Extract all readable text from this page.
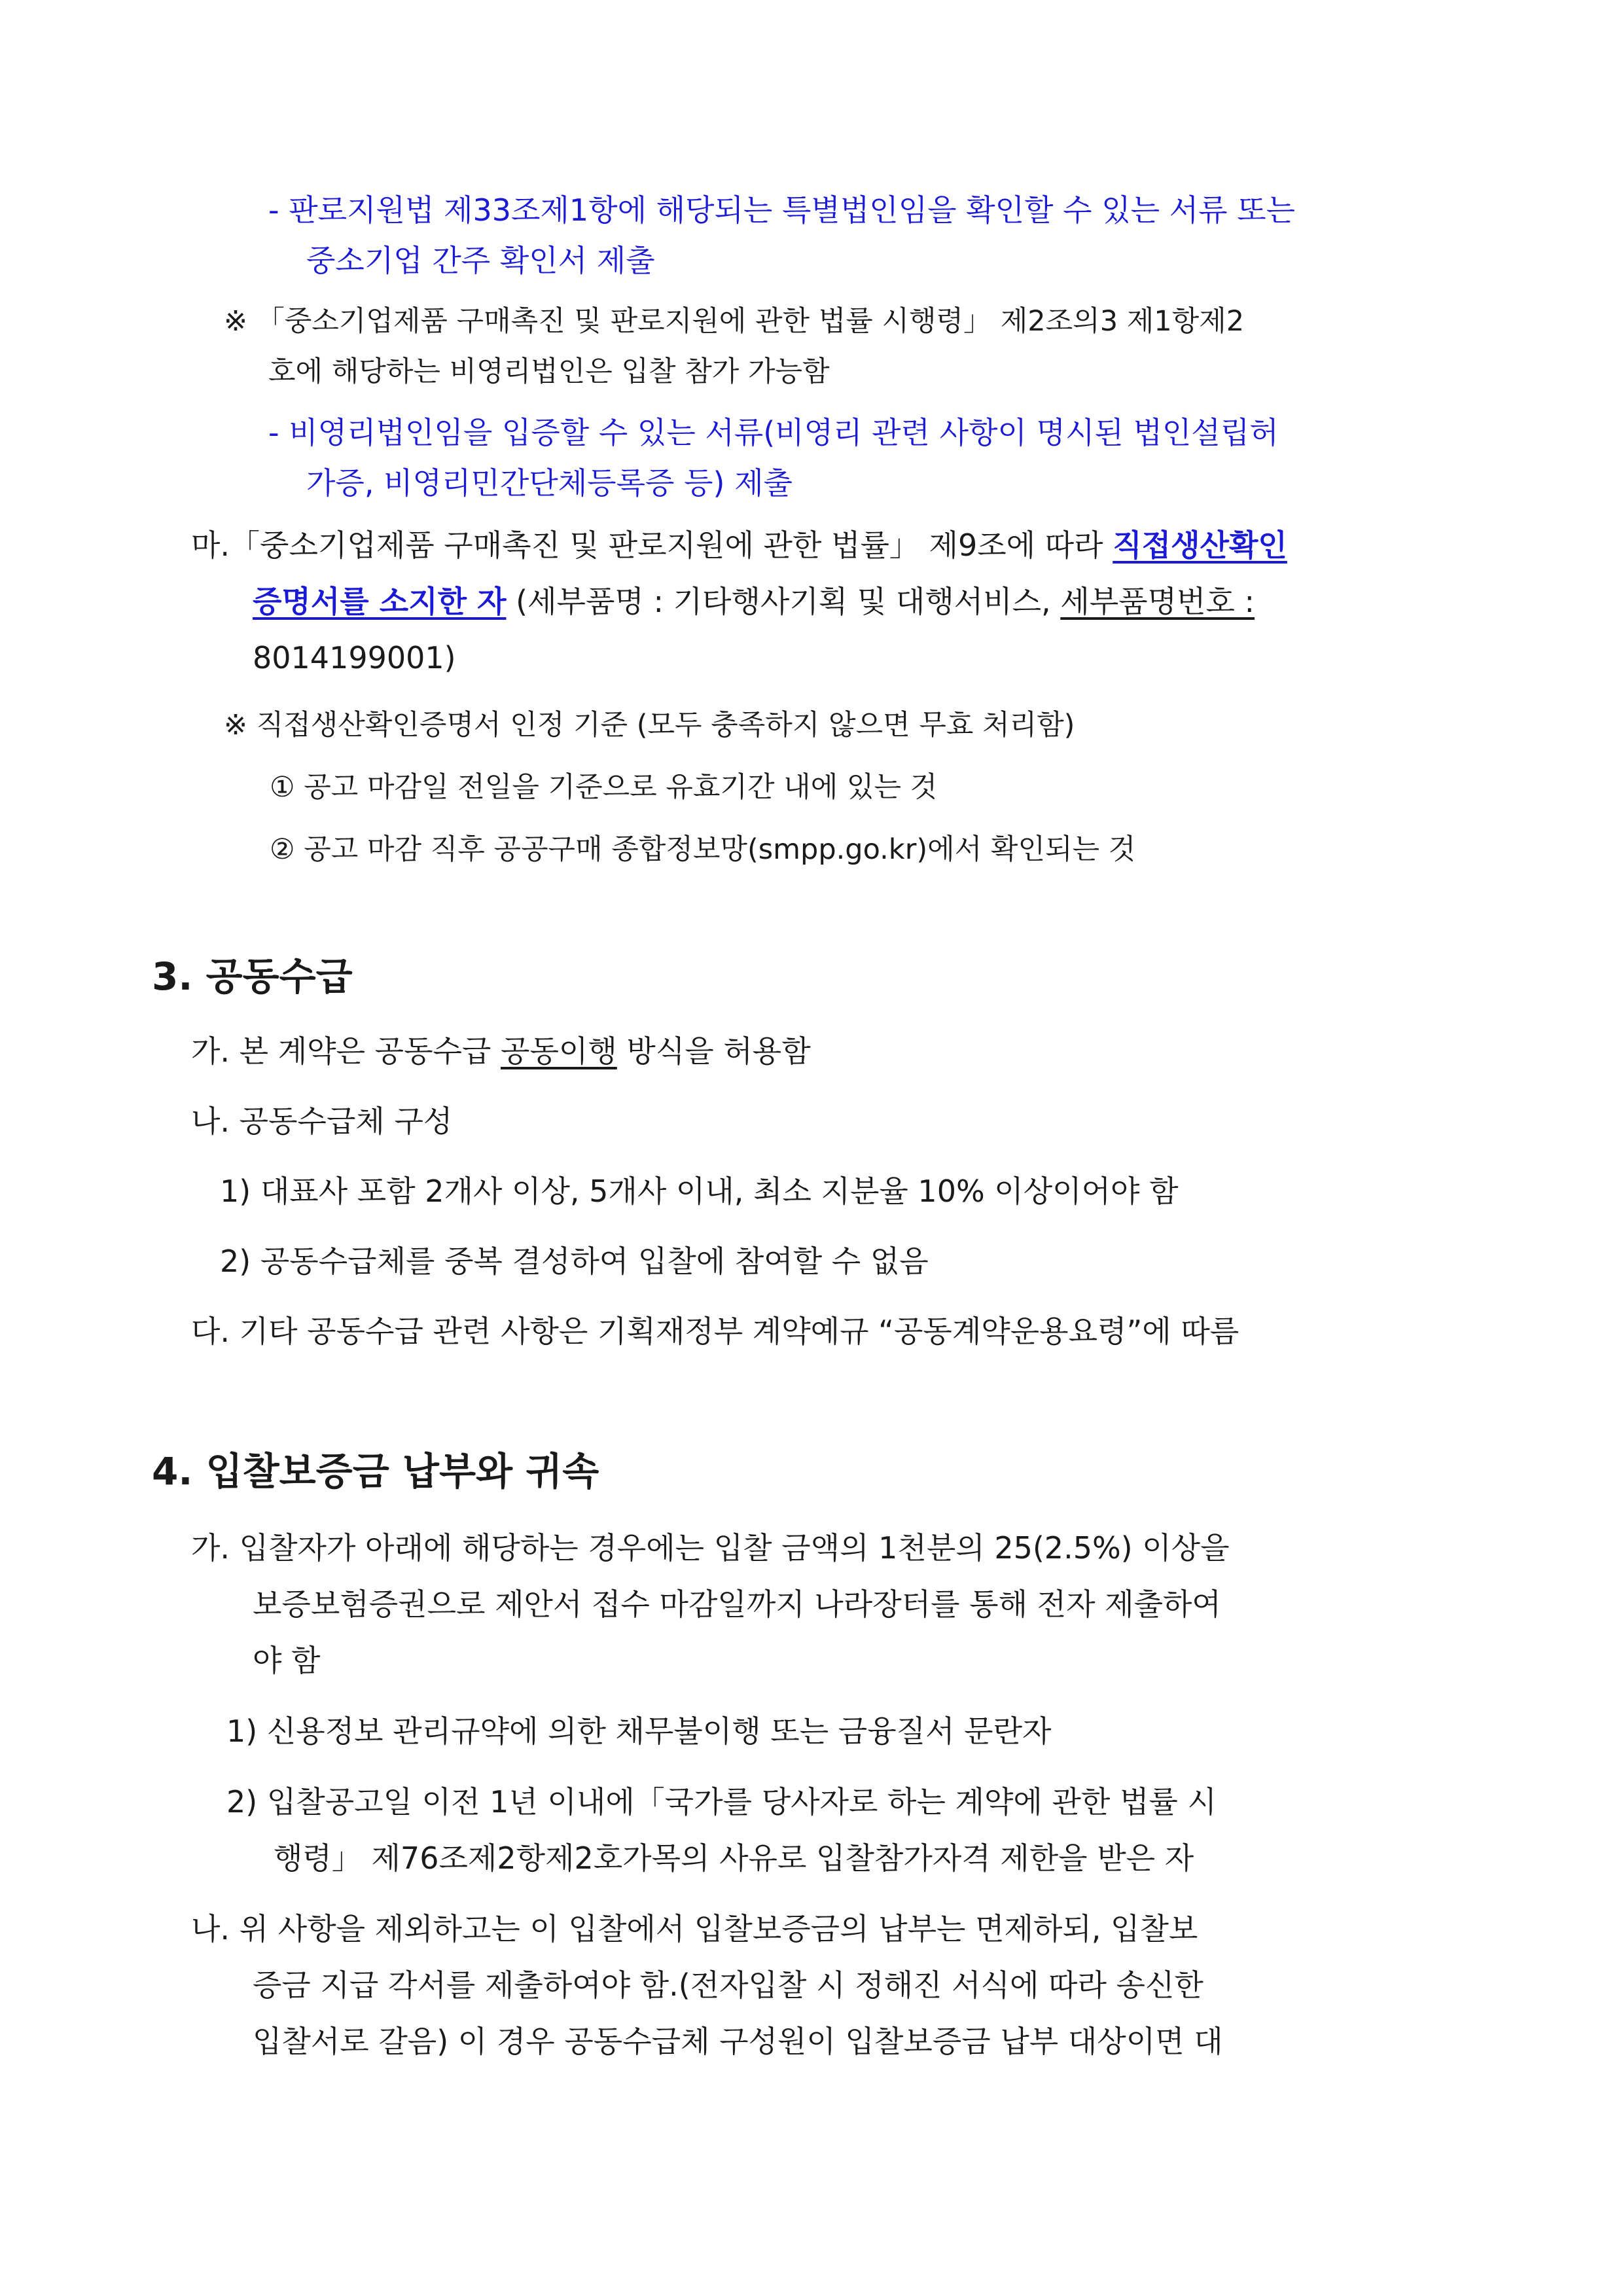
- 판로지원법 제33조제1항에 해당되는 특별법인임을 확인할 수 있는 서류 또는
중소기업 간주 확인서 제출
※ 「중소기업제품 구매촉진 및 판로지원에 관한 법률 시행령」 제2조의3 제1항제2
호에 해당하는 비영리법인은 입찰 참가 가능함
- 비영리법인임을 입증할 수 있는 서류(비영리 관련 사항이 명시된 법인설립허
가증, 비영리민간단체등록증 등) 제출
마.「중소기업제품 구매촉진 및 판로지원에 관한 법률」 제9조에 따라 직접생산확인
증명서를 소지한 자 (세부품명 : 기타행사기획 및 대행서비스, 세부품명번호 :
8014199001)
※ 직접생산확인증명서 인정 기준 (모두 충족하지 않으면 무효 처리함)
① 공고 마감일 전일을 기준으로 유효기간 내에 있는 것
② 공고 마감 직후 공공구매 종합정보망(smpp.go.kr)에서 확인되는 것
3. 공동수급
가. 본 계약은 공동수급 공동이행 방식을 허용함
나. 공동수급체 구성
1) 대표사 포함 2개사 이상, 5개사 이내, 최소 지분율 10% 이상이어야 함
2) 공동수급체를 중복 결성하여 입찰에 참여할 수 없음
다. 기타 공동수급 관련 사항은 기획재정부 계약예규 “공동계약운용요령”에 따름
4. 입찰보증금 납부와 귀속
가. 입찰자가 아래에 해당하는 경우에는 입찰 금액의 1천분의 25(2.5%) 이상을
보증보험증권으로 제안서 접수 마감일까지 나라장터를 통해 전자 제출하여
야 함
1) 신용정보 관리규약에 의한 채무불이행 또는 금융질서 문란자
2) 입찰공고일 이전 1년 이내에「국가를 당사자로 하는 계약에 관한 법률 시
행령」 제76조제2항제2호가목의 사유로 입찰참가자격 제한을 받은 자
나. 위 사항을 제외하고는 이 입찰에서 입찰보증금의 납부는 면제하되, 입찰보
증금 지급 각서를 제출하여야 함.(전자입찰 시 정해진 서식에 따라 송신한
입찰서로 갈음) 이 경우 공동수급체 구성원이 입찰보증금 납부 대상이면 대
